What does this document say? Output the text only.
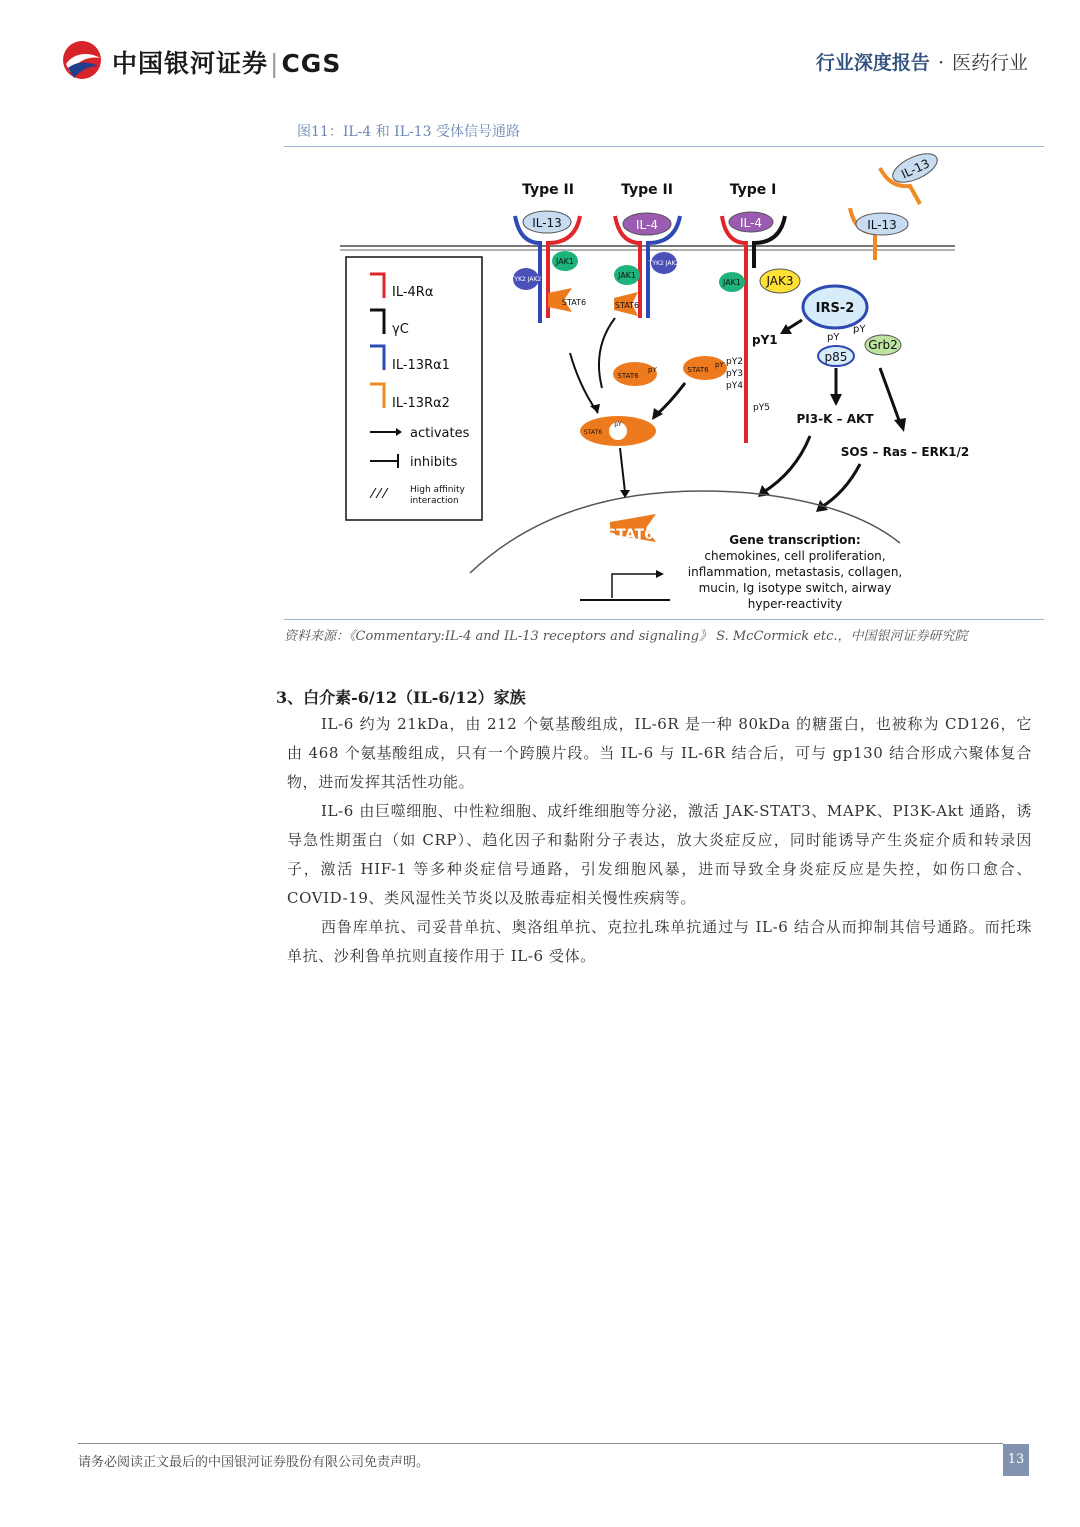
中国银河证券|CGS	行业深度报告 · 医药行业
图11：IL-4 和 IL-13 受体信号通路
Type II	Type II	Type I
IL-13	IL-4	IL-4	IL-13
IL-13
JAK1
TYK2 JAK2	JAK1
TYK2 JAK2
JAK1 JAK3
STAT6	STAT6
pY1
pY2
pY3
pY4
pY5
STAT6
pY	STAT6
pY
pY
STAT6
IRS-2
pY
pY
p85
Grb2
PI3-K – AKT
SOS – Ras – ERK1/2
STAT6	Gene transcription:
chemokines, cell proliferation,
inflammation, metastasis, collagen,
mucin, Ig isotype switch, airway
hyper-reactivity
IL-4Rα
γC
IL-13Rα1
IL-13Rα2
activates
inhibits
High affinity
interaction
资料来源：《Commentary:IL-4 and IL-13 receptors and signaling》 S. McCormick etc.，中国银河证券研究院
3、白介素-6/12（IL-6/12）家族

IL-6 约为 21kDa，由 212 个氨基酸组成，IL-6R 是一种 80kDa 的糖蛋白，也被称为 CD126，它由 468 个氨基酸组成，只有一个跨膜片段。当 IL-6 与 IL-6R 结合后，可与 gp130 结合形成六聚体复合物，进而发挥其活性功能。

IL-6 由巨噬细胞、中性粒细胞、成纤维细胞等分泌，激活 JAK-STAT3、MAPK、PI3K-Akt 通路，诱导急性期蛋白（如 CRP）、趋化因子和黏附分子表达，放大炎症反应，同时能诱导产生炎症介质和转录因子，激活 HIF-1 等多种炎症信号通路，引发细胞风暴，进而导致全身炎症反应是失控，如伤口愈合、COVID-19、类风湿性关节炎以及脓毒症相关慢性疾病等。

西鲁库单抗、司妥昔单抗、奥洛组单抗、克拉扎珠单抗通过与 IL-6 结合从而抑制其信号通路。而托珠单抗、沙利鲁单抗则直接作用于 IL-6 受体。

请务必阅读正文最后的中国银河证券股份有限公司免责声明。	13
